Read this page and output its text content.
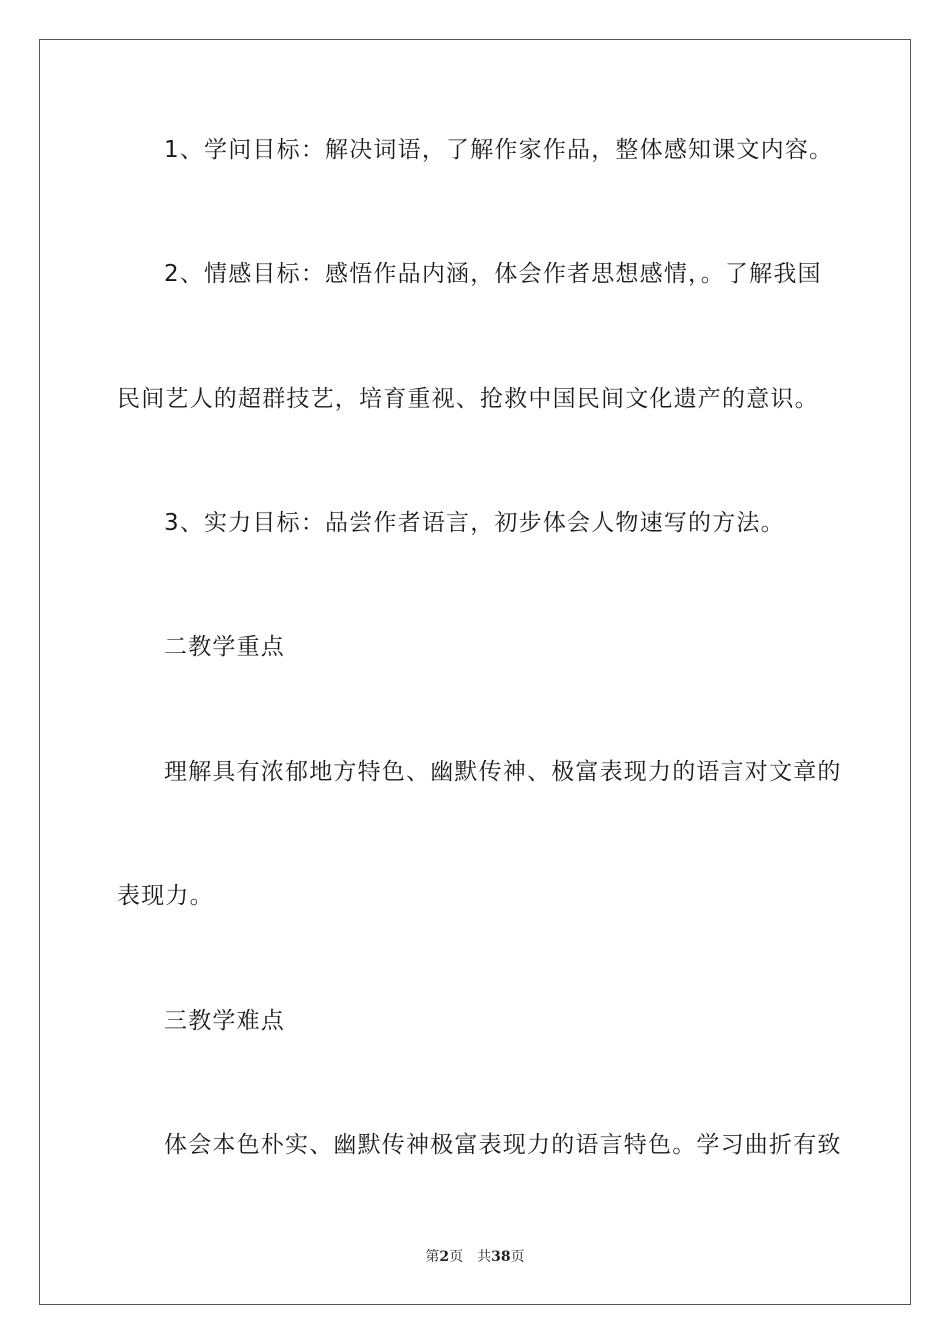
1、学问目标：解决词语，了解作家作品，整体感知课文内容。
2、情感目标：感悟作品内涵，体会作者思想感情，。了解我国
民间艺人的超群技艺，培育重视、抢救中国民间文化遗产的意识。
3、实力目标：品尝作者语言，初步体会人物速写的方法。
二教学重点
理解具有浓郁地方特色、幽默传神、极富表现力的语言对文章的
表现力。
三教学难点
体会本色朴实、幽默传神极富表现力的语言特色。学习曲折有致
第2页 共38页
